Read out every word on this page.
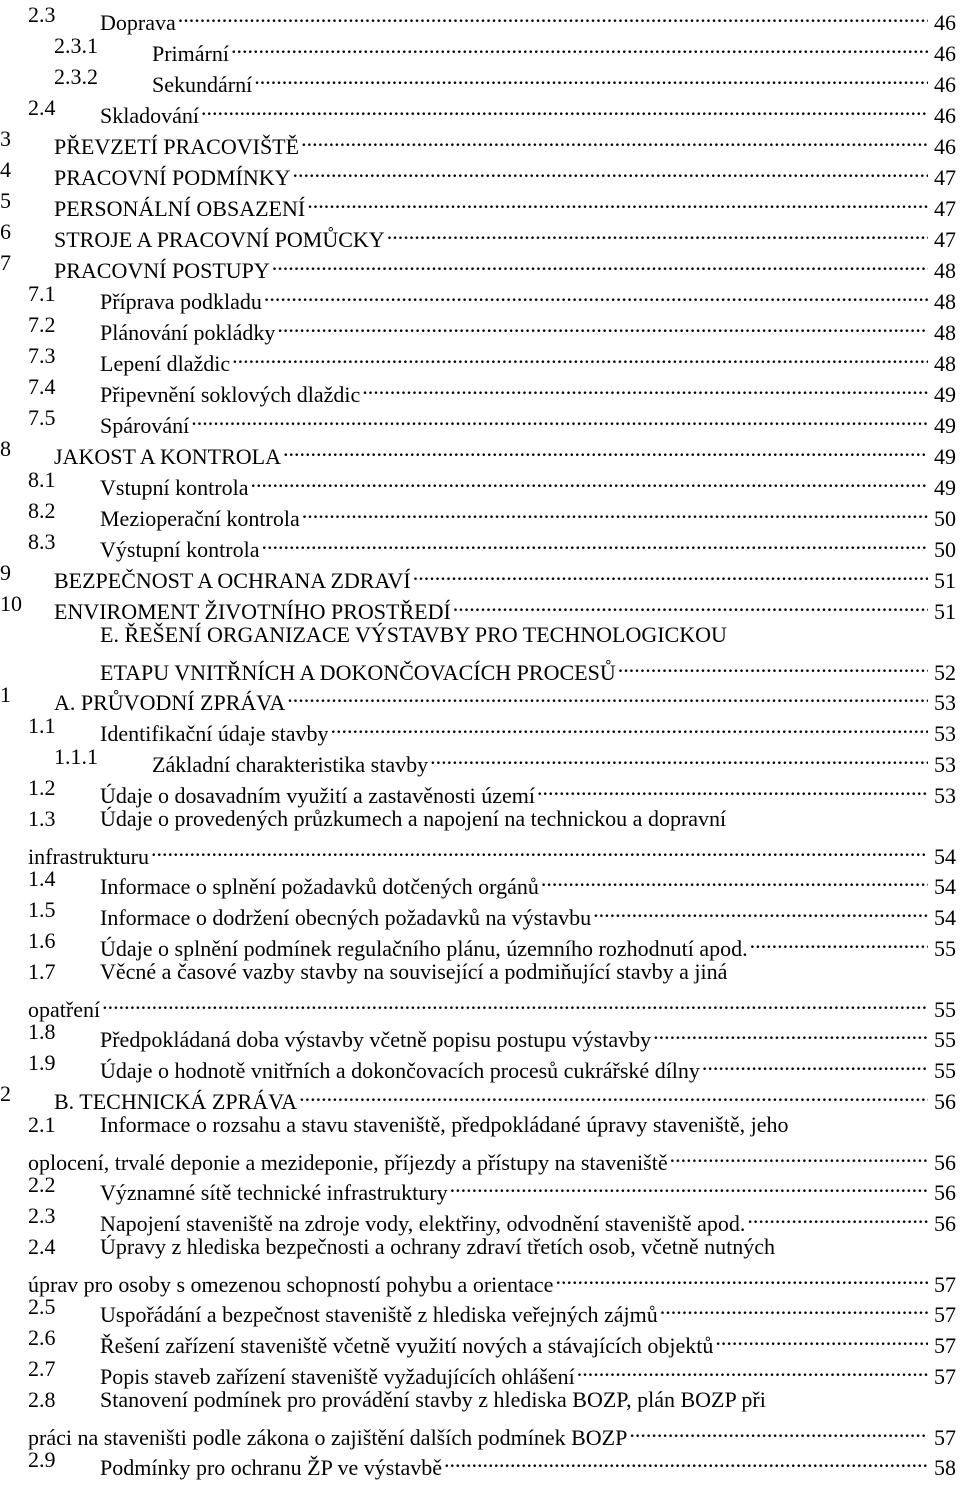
2.3 Doprava .....	46
2.3.1 Primární .....	46
2.3.2 Sekundární .....	46
2.4 Skladování .....	46
3 PŘEVZETÍ PRACOVIŠTĚ .....	46
4 PRACOVNÍ PODMÍNKY .....	47
5 PERSONÁLNÍ OBSAZENÍ .....	47
6 STROJE A PRACOVNÍ POMŮCKY .....	47
7 PRACOVNÍ POSTUPY .....	48
7.1 Příprava podkladu .....	48
7.2 Plánování pokládky .....	48
7.3 Lepení dlaždic .....	48
7.4 Připevnění soklových dlaždic .....	49
7.5 Spárování .....	49
8 JAKOST A KONTROLA .....	49
8.1 Vstupní kontrola .....	49
8.2 Mezioperační kontrola .....	50
8.3 Výstupní kontrola .....	50
9 BEZPEČNOST A OCHRANA ZDRAVÍ .....	51
10 ENVIROMENT ŽIVOTNÍHO PROSTŘEDÍ .....	51
E. ŘEŠENÍ ORGANIZACE VÝSTAVBY PRO TECHNOLOGICKOU
ETAPU VNITŘNÍCH A DOKONČOVACÍCH PROCESŮ .....	52
1 A. PRŮVODNÍ ZPRÁVA .....	53
1.1 Identifikační údaje stavby .....	53
1.1.1 Základní charakteristika stavby .....	53
1.2 Údaje o dosavadním využití a zastavěnosti území .....	53
1.3 Údaje o provedených průzkumech a napojení na technickou a dopravní
infrastrukturu .....	54
1.4 Informace o splnění požadavků dotčených orgánů .....	54
1.5 Informace o dodržení obecných požadavků na výstavbu .....	54
1.6 Údaje o splnění podmínek regulačního plánu, územního rozhodnutí apod. .....	55
1.7 Věcné a časové vazby stavby na související a podmiňující stavby a jiná
opatření .....	55
1.8 Předpokládaná doba výstavby včetně popisu postupu výstavby .....	55
1.9 Údaje o hodnotě vnitřních a dokončovacích procesů cukrářské dílny .....	55
2 B. TECHNICKÁ ZPRÁVA .....	56
2.1 Informace o rozsahu a stavu staveniště, předpokládané úpravy staveniště, jeho
oplocení, trvalé deponie a mezideponie, příjezdy a přístupy na staveniště .....	56
2.2 Významné sítě technické infrastruktury .....	56
2.3 Napojení staveniště na zdroje vody, elektřiny, odvodnění staveniště apod. .....	56
2.4 Úpravy z hlediska bezpečnosti a ochrany zdraví třetích osob, včetně nutných
úprav pro osoby s omezenou schopností pohybu a orientace .....	57
2.5 Uspořádání a bezpečnost staveniště z hlediska veřejných zájmů .....	57
2.6 Řešení zařízení staveniště včetně využití nových a stávajících objektů .....	57
2.7 Popis staveb zařízení staveniště vyžadujících ohlášení .....	57
2.8 Stanovení podmínek pro provádění stavby z hlediska BOZP, plán BOZP při
práci na staveništi podle zákona o zajištění dalších podmínek BOZP .....	57
2.9 Podmínky pro ochranu ŽP ve výstavbě .....	58
